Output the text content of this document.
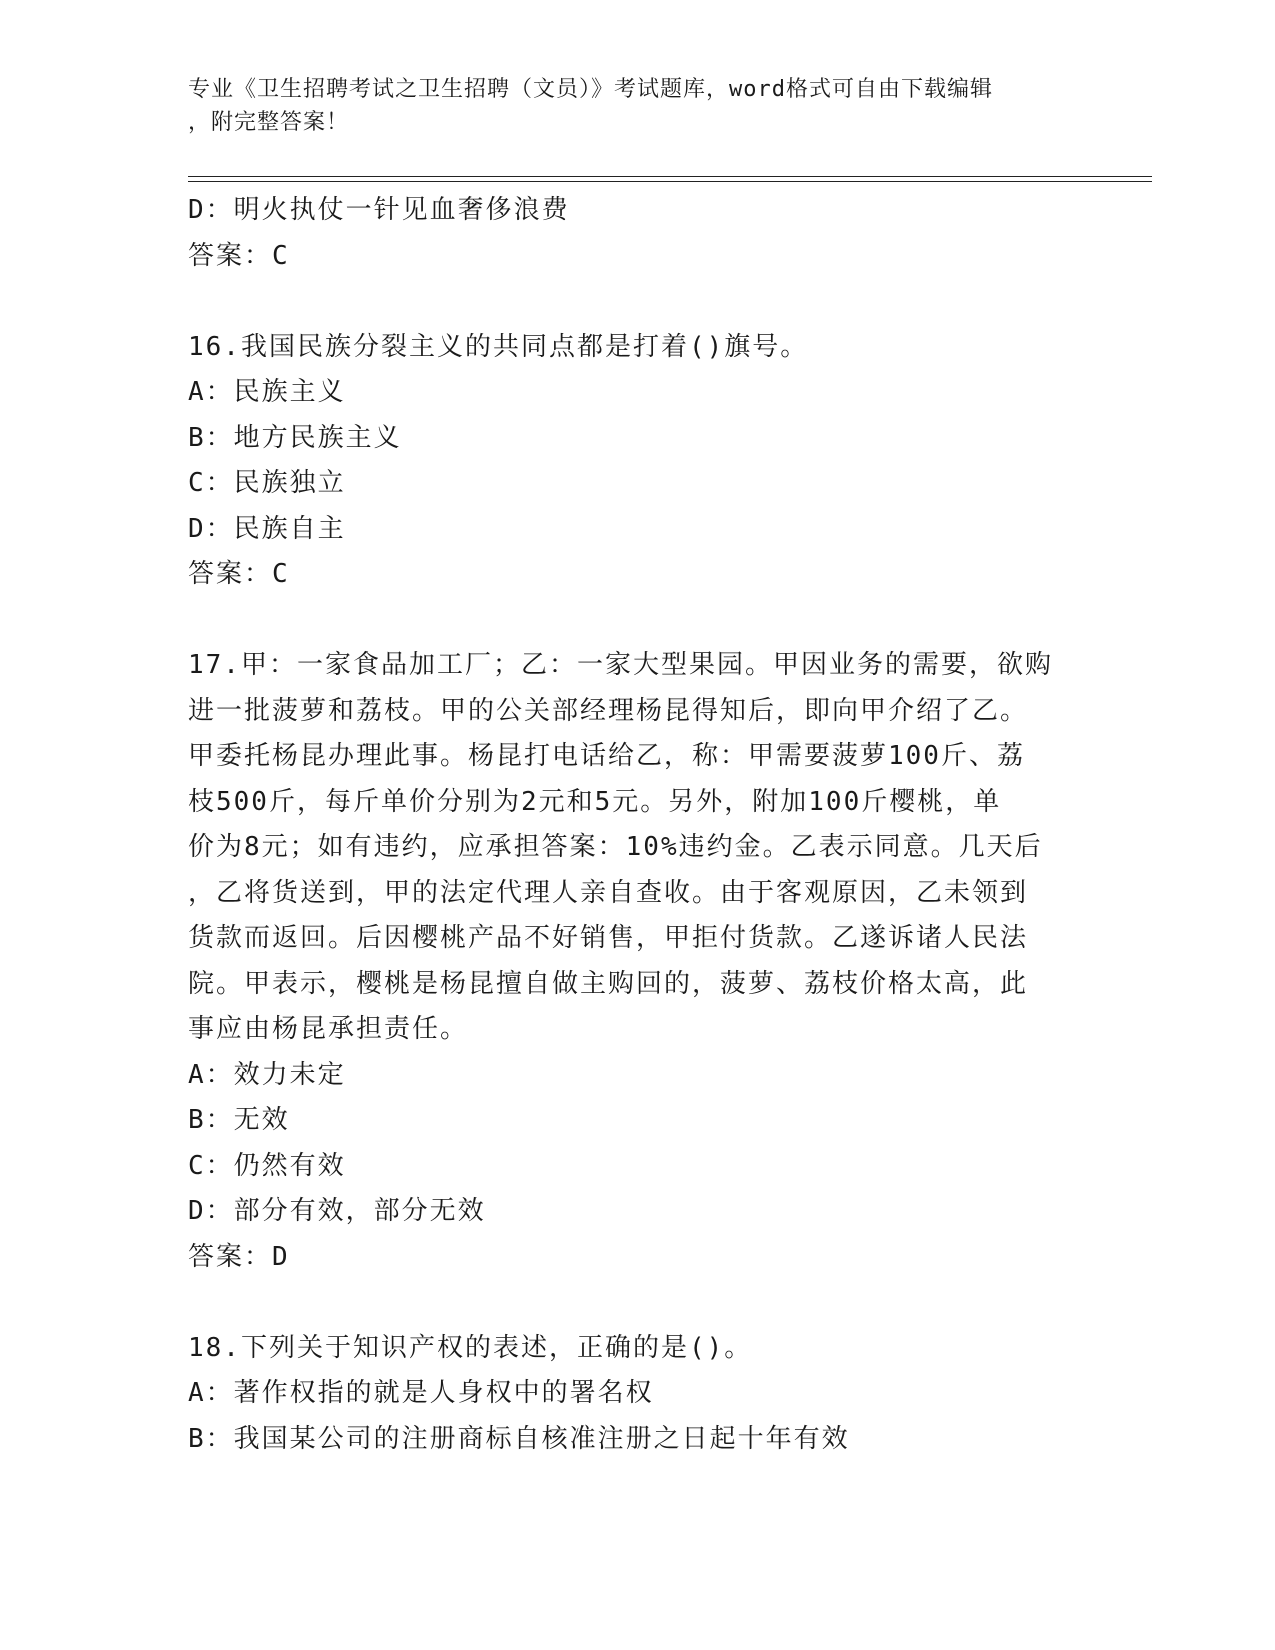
专业《卫生招聘考试之卫生招聘（文员）》考试题库，word格式可自由下载编辑

，附完整答案！

D：明火执仗一针见血奢侈浪费
答案：C
16.我国民族分裂主义的共同点都是打着()旗号。
A：民族主义
B：地方民族主义
C：民族独立
D：民族自主
答案：C
17.甲：一家食品加工厂；乙：一家大型果园。甲因业务的需要，欲购
进一批菠萝和荔枝。甲的公关部经理杨昆得知后，即向甲介绍了乙。
甲委托杨昆办理此事。杨昆打电话给乙，称：甲需要菠萝100斤、荔
枝500斤，每斤单价分别为2元和5元。另外，附加100斤樱桃，单
价为8元；如有违约，应承担答案：10%违约金。乙表示同意。几天后
，乙将货送到，甲的法定代理人亲自查收。由于客观原因，乙未领到
货款而返回。后因樱桃产品不好销售，甲拒付货款。乙遂诉诸人民法
院。甲表示，樱桃是杨昆擅自做主购回的，菠萝、荔枝价格太高，此
事应由杨昆承担责任。
A：效力未定
B：无效
C：仍然有效
D：部分有效，部分无效
答案：D
18.下列关于知识产权的表述，正确的是()。
A：著作权指的就是人身权中的署名权
B：我国某公司的注册商标自核准注册之日起十年有效
